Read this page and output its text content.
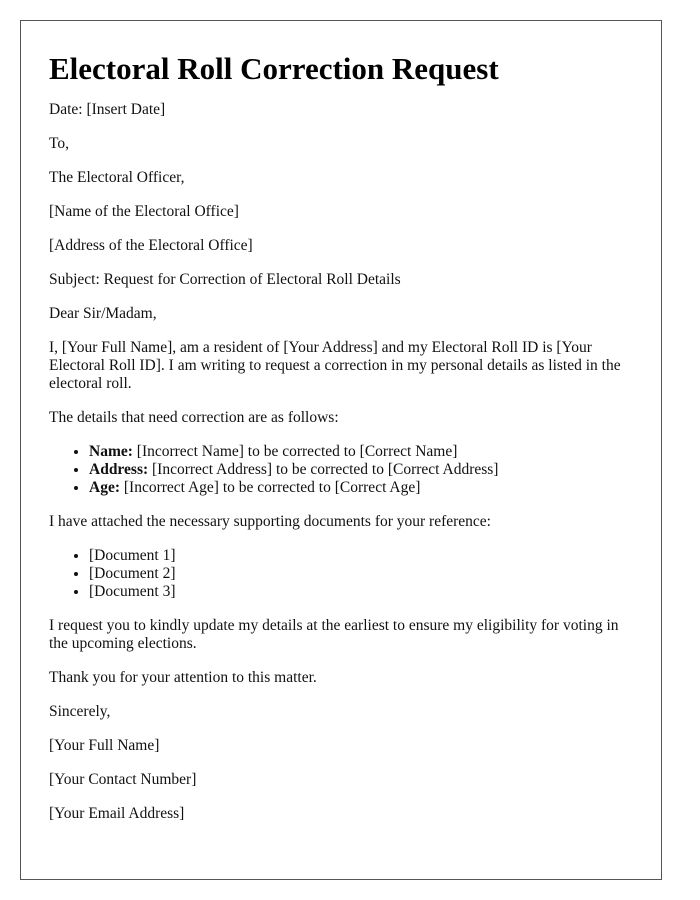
Electoral Roll Correction Request

Date: [Insert Date]

To,

The Electoral Officer,

[Name of the Electoral Office]

[Address of the Electoral Office]

Subject: Request for Correction of Electoral Roll Details

Dear Sir/Madam,

I, [Your Full Name], am a resident of [Your Address] and my Electoral Roll ID is [Your Electoral Roll ID]. I am writing to request a correction in my personal details as listed in the electoral roll.

The details that need correction are as follows:

• Name: [Incorrect Name] to be corrected to [Correct Name]
• Address: [Incorrect Address] to be corrected to [Correct Address]
• Age: [Incorrect Age] to be corrected to [Correct Age]

I have attached the necessary supporting documents for your reference:

• [Document 1]
• [Document 2]
• [Document 3]

I request you to kindly update my details at the earliest to ensure my eligibility for voting in the upcoming elections.

Thank you for your attention to this matter.

Sincerely,

[Your Full Name]

[Your Contact Number]

[Your Email Address]
